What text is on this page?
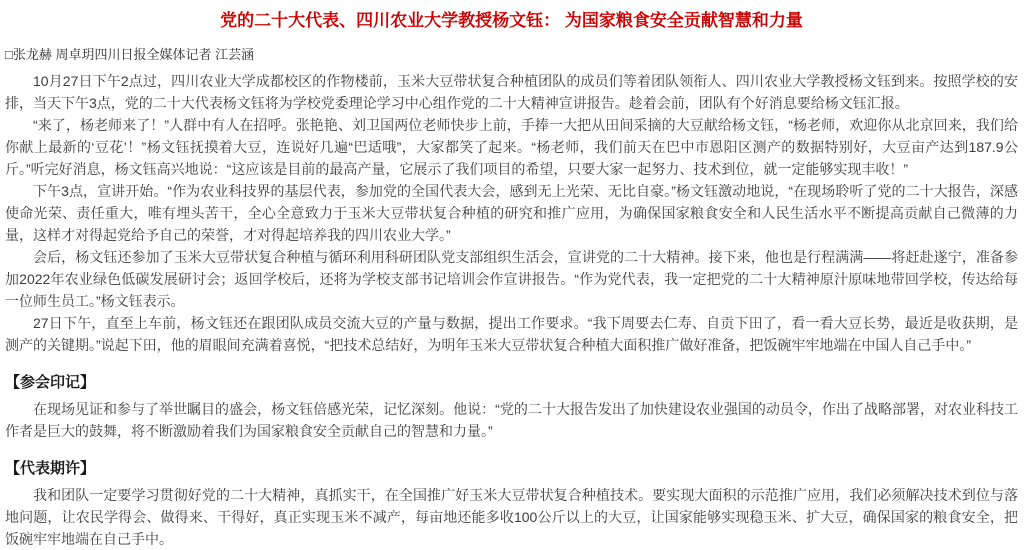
党的二十大代表、四川农业大学教授杨文钰： 为国家粮食安全贡献智慧和力量

□张龙赫 周卓玥四川日报全媒体记者 江芸涵

10月27日下午2点过，四川农业大学成都校区的作物楼前，玉米大豆带状复合种植团队的成员们等着团队领衔人、四川农业大学教授杨文钰到来。按照学校的安排，当天下午3点，党的二十大代表杨文钰将为学校党委理论学习中心组作党的二十大精神宣讲报告。趁着会前，团队有个好消息要给杨文钰汇报。

“来了，杨老师来了！”人群中有人在招呼。张艳艳、刘卫国两位老师快步上前，手捧一大把从田间采摘的大豆献给杨文钰，“杨老师，欢迎你从北京回来，我们给你献上最新的‘豆花’！”杨文钰抚摸着大豆，连说好几遍“巴适哦”，大家都笑了起来。“杨老师，我们前天在巴中市恩阳区测产的数据特别好，大豆亩产达到187.9公斤。”听完好消息，杨文钰高兴地说：“这应该是目前的最高产量，它展示了我们项目的希望，只要大家一起努力、技术到位，就一定能够实现丰收！”

下午3点，宣讲开始。“作为农业科技界的基层代表，参加党的全国代表大会，感到无上光荣、无比自豪。”杨文钰激动地说，“在现场聆听了党的二十大报告，深感使命光荣、责任重大，唯有埋头苦干，全心全意致力于玉米大豆带状复合种植的研究和推广应用，为确保国家粮食安全和人民生活水平不断提高贡献自己微薄的力量，这样才对得起党给予自己的荣誉，才对得起培养我的四川农业大学。”

会后，杨文钰还参加了玉米大豆带状复合种植与循环利用科研团队党支部组织生活会，宣讲党的二十大精神。接下来，他也是行程满满——将赶赴遂宁，准备参加2022年农业绿色低碳发展研讨会；返回学校后，还将为学校支部书记培训会作宣讲报告。“作为党代表，我一定把党的二十大精神原汁原味地带回学校，传达给每一位师生员工。”杨文钰表示。

27日下午，直至上车前，杨文钰还在跟团队成员交流大豆的产量与数据，提出工作要求。“我下周要去仁寿、自贡下田了，看一看大豆长势，最近是收获期，是测产的关键期。”说起下田，他的眉眼间充满着喜悦，“把技术总结好，为明年玉米大豆带状复合种植大面积推广做好准备，把饭碗牢牢地端在中国人自己手中。”

【参会印记】

在现场见证和参与了举世瞩目的盛会，杨文钰倍感光荣，记忆深刻。他说：“党的二十大报告发出了加快建设农业强国的动员令，作出了战略部署，对农业科技工作者是巨大的鼓舞，将不断激励着我们为国家粮食安全贡献自己的智慧和力量。”

【代表期许】

我和团队一定要学习贯彻好党的二十大精神，真抓实干，在全国推广好玉米大豆带状复合种植技术。要实现大面积的示范推广应用，我们必须解决技术到位与落地问题，让农民学得会、做得来、干得好，真正实现玉米不减产，每亩地还能多收100公斤以上的大豆，让国家能够实现稳玉米、扩大豆，确保国家的粮食安全，把饭碗牢牢地端在自己手中。
